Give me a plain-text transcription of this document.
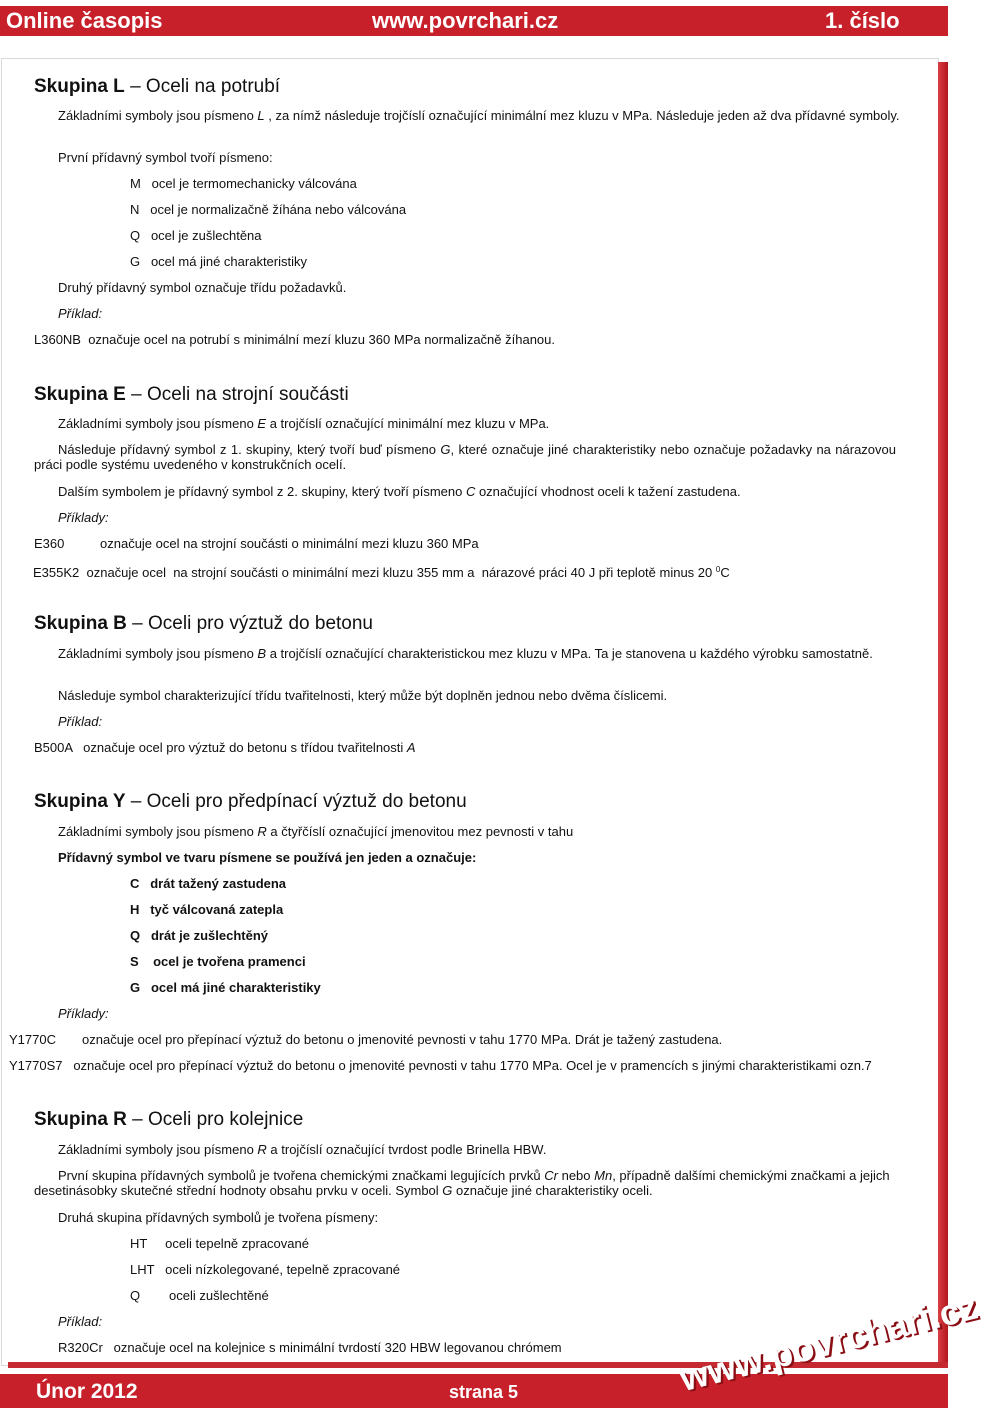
Online časopis	www.povrchari.cz	1. číslo
Skupina L – Oceli na potrubí
Základními symboly jsou písmeno L , za nímž následuje trojčíslí označující minimální mez kluzu v MPa. Následuje jeden až dva přídavné symboly.
První přídavný symbol tvoří písmeno:
M   ocel je termomechanicky válcována
N   ocel je normalizačně žíhána nebo válcována
Q   ocel je zušlechtěna
G   ocel má jiné charakteristiky
Druhý přídavný symbol označuje třídu požadavků.
Příklad:
L360NB  označuje ocel na potrubí s minimální mezí kluzu 360 MPa normalizačně žíhanou.
Skupina E – Oceli na strojní součásti
Základními symboly jsou písmeno E a trojčíslí označující minimální mez kluzu v MPa.
Následuje přídavný symbol z 1. skupiny, který tvoří buď písmeno G, které označuje jiné charakteristiky nebo označuje požadavky na nárazovou práci podle systému uvedeného v konstrukčních ocelí.
Dalším symbolem je přídavný symbol z 2. skupiny, který tvoří písmeno C označující vhodnost oceli k tažení zastudena.
Příklady:
E360	označuje ocel na strojní součásti o minimální mezi kluzu 360 MPa
E355K2  označuje ocel  na strojní součásti o minimální mezi kluzu 355 mm a  nárazové práci 40 J při teplotě minus 20 $^0$C
Skupina B – Oceli pro výztuž do betonu
Základními symboly jsou písmeno B a trojčíslí označující charakteristickou mez kluzu v MPa. Ta je stanovena u každého výrobku samostatně.
Následuje symbol charakterizující třídu tvařitelnosti, který může být doplněn jednou nebo dvěma číslicemi.
Příklad:
B500A   označuje ocel pro výztuž do betonu s třídou tvařitelnosti A
Skupina Y – Oceli pro předpínací výztuž do betonu
Základními symboly jsou písmeno R a čtyřčíslí označující jmenovitou mez pevnosti v tahu
Přídavný symbol ve tvaru písmene se používá jen jeden a označuje:
C   drát tažený zastudena
H   tyč válcovaná zatepla
Q   drát je zušlechtěný
S    ocel je tvořena pramenci
G   ocel má jiné charakteristiky
Příklady:
Y1770C označuje ocel pro přepínací výztuž do betonu o jmenovité pevnosti v tahu 1770 MPa. Drát je tažený zastudena.
Y1770S7   označuje ocel pro přepínací výztuž do betonu o jmenovité pevnosti v tahu 1770 MPa. Ocel je v pramencích s jinými charakteristikami ozn.7
Skupina R – Oceli pro kolejnice
Základními symboly jsou písmeno R a trojčíslí označující tvrdost podle Brinella HBW.
První skupina přídavných symbolů je tvořena chemickými značkami legujících prvků Cr nebo Mn, případně dalšími chemickými značkami a jejich desetinásobky skutečné střední hodnoty obsahu prvku v oceli. Symbol G označuje jiné charakteristiky oceli.
Druhá skupina přídavných symbolů je tvořena písmeny:
HT     oceli tepelně zpracované
LHT   oceli nízkolegované, tepelně zpracované
Q        oceli zušlechtěné
Příklad:
R320Cr   označuje ocel na kolejnice s minimální tvrdostí 320 HBW legovanou chrómem
Únor 2012	strana 5	www.povrchari.cz
